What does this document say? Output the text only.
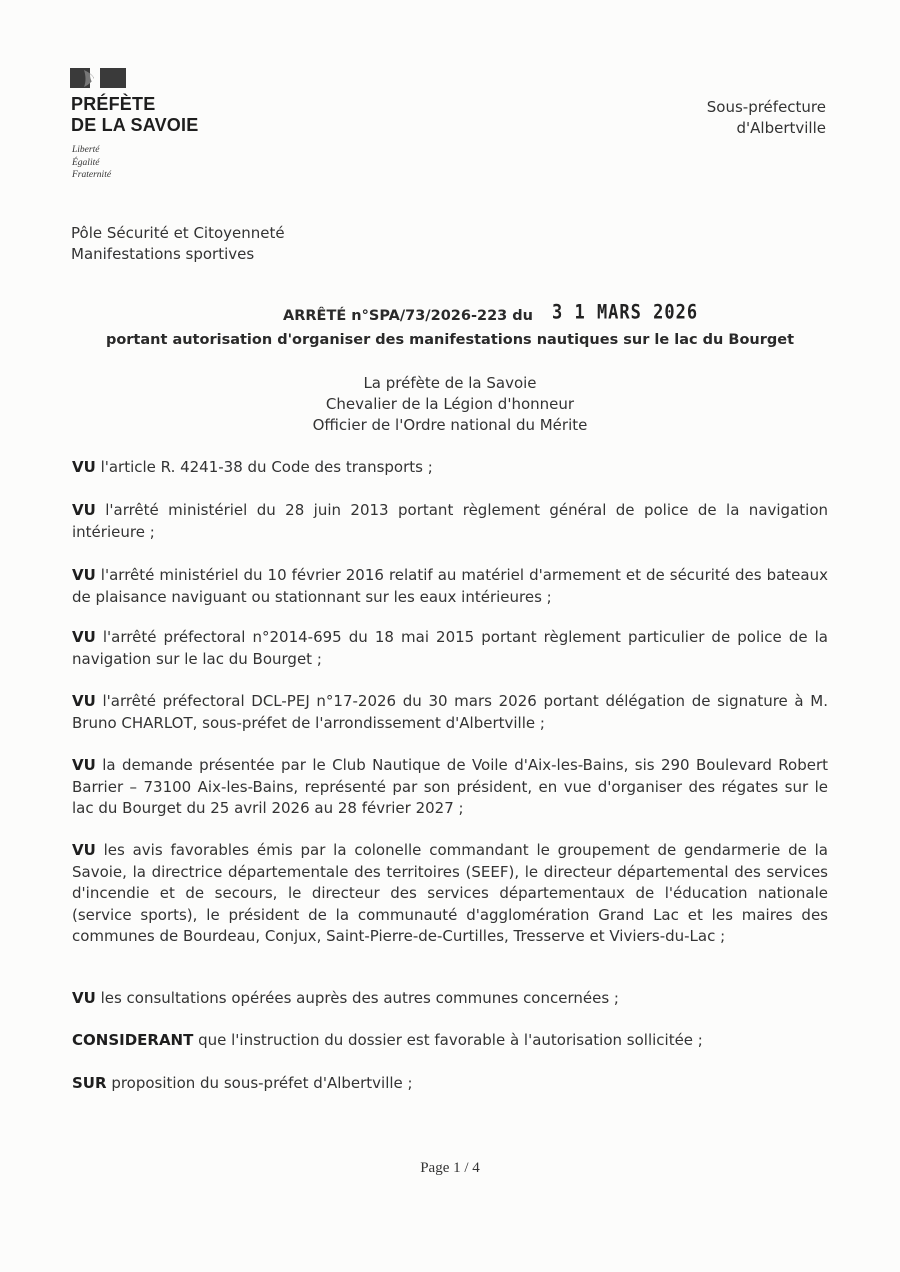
PRÉFÈTE
DE LA SAVOIE
Liberté
Égalité
Fraternité
Sous-préfecture
d'Albertville
Pôle Sécurité et Citoyenneté
Manifestations sportives
ARRÊTÉ n°SPA/73/2026-223 du	3 1 MARS 2026
portant autorisation d'organiser des manifestations nautiques sur le lac du Bourget
La préfète de la Savoie
Chevalier de la Légion d'honneur
Officier de l'Ordre national du Mérite

VU l'article R. 4241-38 du Code des transports ;

VU l'arrêté ministériel du 28 juin 2013 portant règlement général de police de la navigation intérieure ;

VU l'arrêté ministériel du 10 février 2016 relatif au matériel d'armement et de sécurité des bateaux de plaisance naviguant ou stationnant sur les eaux intérieures ;

VU l'arrêté préfectoral n°2014-695 du 18 mai 2015 portant règlement particulier de police de la navigation sur le lac du Bourget ;

VU l'arrêté préfectoral DCL-PEJ n°17-2026 du 30 mars 2026 portant délégation de signature à M. Bruno CHARLOT, sous-préfet de l'arrondissement d'Albertville ;

VU la demande présentée par le Club Nautique de Voile d'Aix-les-Bains, sis 290 Boulevard Robert Barrier – 73100 Aix-les-Bains, représenté par son président, en vue d'organiser des régates sur le lac du Bourget du 25 avril 2026 au 28 février 2027 ;

VU les avis favorables émis par la colonelle commandant le groupement de gendarmerie de la Savoie, la directrice départementale des territoires (SEEF), le directeur départemental des services d'incendie et de secours, le directeur des services départementaux de l'éducation nationale (service sports), le président de la communauté d'agglomération Grand Lac et les maires des communes de Bourdeau, Conjux, Saint-Pierre-de-Curtilles, Tresserve et Viviers-du-Lac ;

VU les consultations opérées auprès des autres communes concernées ;

CONSIDERANT que l'instruction du dossier est favorable à l'autorisation sollicitée ;

SUR proposition du sous-préfet d'Albertville ;

Page 1 / 4
